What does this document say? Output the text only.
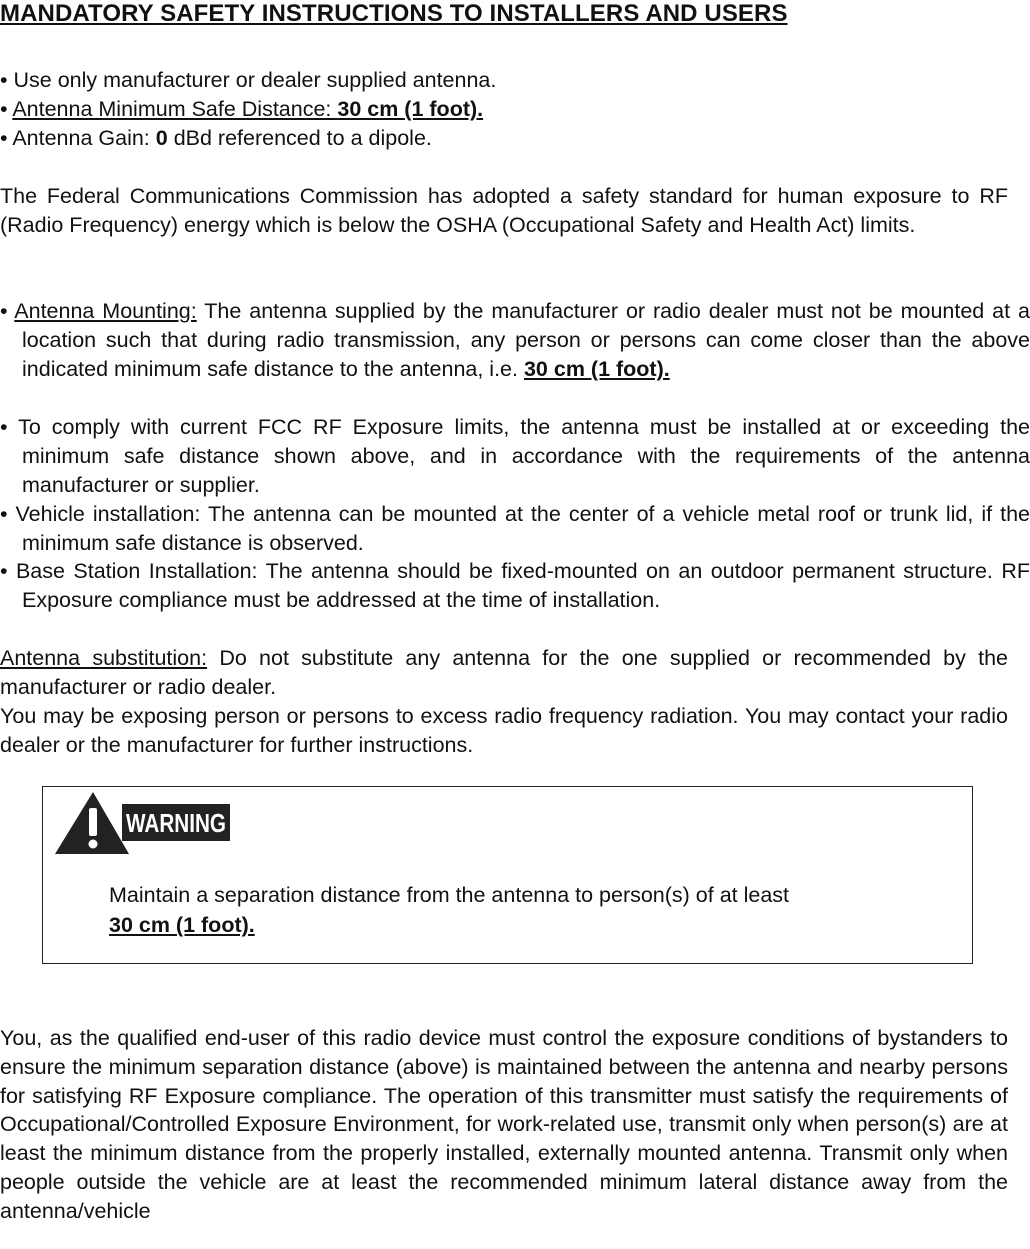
MANDATORY SAFETY INSTRUCTIONS TO INSTALLERS AND USERS
• Use only manufacturer or dealer supplied antenna.
• Antenna Minimum Safe Distance: 30 cm (1 foot).
• Antenna Gain: 0 dBd referenced to a dipole.
The Federal Communications Commission has adopted a safety standard for human exposure to RF (Radio Frequency) energy which is below the OSHA (Occupational Safety and Health Act) limits.
• Antenna Mounting: The antenna supplied by the manufacturer or radio dealer must not be mounted at a location such that during radio transmission, any person or persons can come closer than the above indicated minimum safe distance to the antenna, i.e. 30 cm (1 foot).
• To comply with current FCC RF Exposure limits, the antenna must be installed at or exceeding the minimum safe distance shown above, and in accordance with the requirements of the antenna manufacturer or supplier.
• Vehicle installation: The antenna can be mounted at the center of a vehicle metal roof or trunk lid, if the minimum safe distance is observed.
• Base Station Installation: The antenna should be fixed-mounted on an outdoor permanent structure. RF Exposure compliance must be addressed at the time of installation.
Antenna substitution: Do not substitute any antenna for the one supplied or recommended by the manufacturer or radio dealer.
You may be exposing person or persons to excess radio frequency radiation. You may contact your radio dealer or the manufacturer for further instructions.
WARNING
Maintain a separation distance from the antenna to person(s) of at least
30 cm (1 foot).
You, as the qualified end-user of this radio device must control the exposure conditions of bystanders to ensure the minimum separation distance (above) is maintained between the antenna and nearby persons for satisfying RF Exposure compliance. The operation of this transmitter must satisfy the requirements of Occupational/Controlled Exposure Environment, for work-related use, transmit only when person(s) are at least the minimum distance from the properly installed, externally mounted antenna. Transmit only when people outside the vehicle are at least the recommended minimum lateral distance away from the antenna/vehicle
